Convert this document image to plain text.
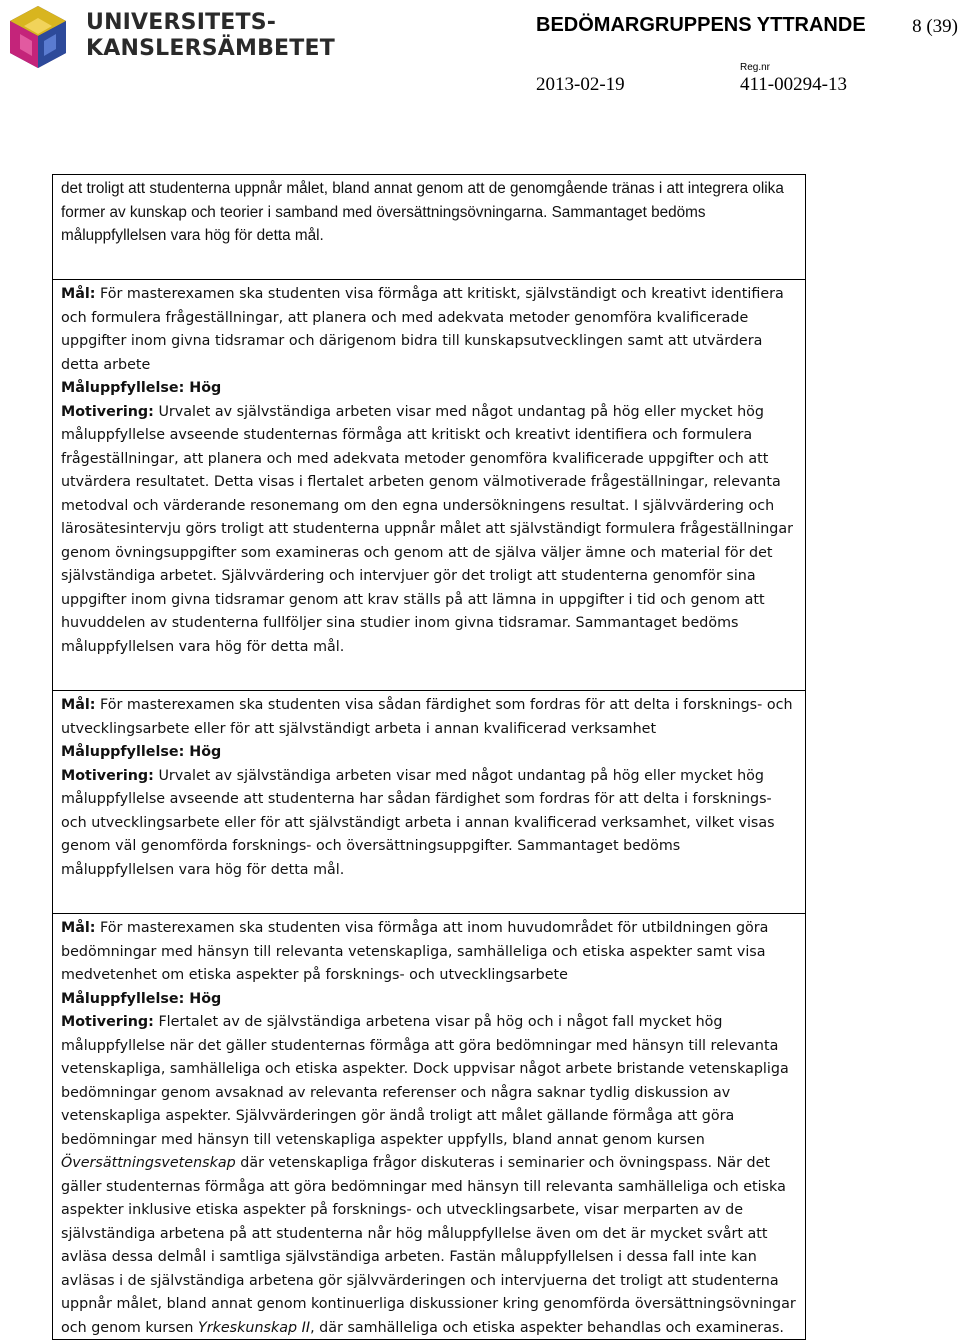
UNIVERSITETS-
KANSLERSÄMBETET
BEDÖMARGRUPPENS YTTRANDE 8 (39)
Reg.nr
2013-02-19	411-00294-13

det troligt att studenterna uppnår målet, bland annat genom att de genomgående tränas i att integrera olika former av kunskap och teorier i samband med översättningsövningarna. Sammantaget bedöms måluppfyllelsen vara hög för detta mål.

Mål: För masterexamen ska studenten visa förmåga att kritiskt, självständigt och kreativt identifiera och formulera frågeställningar, att planera och med adekvata metoder genomföra kvalificerade uppgifter inom givna tidsramar och därigenom bidra till kunskapsutvecklingen samt att utvärdera detta arbete

Måluppfyllelse: Hög

Motivering: Urvalet av självständiga arbeten visar med något undantag på hög eller mycket hög måluppfyllelse avseende studenternas förmåga att kritiskt och kreativt identifiera och formulera frågeställningar, att planera och med adekvata metoder genomföra kvalificerade uppgifter och att utvärdera resultatet. Detta visas i flertalet arbeten genom välmotiverade frågeställningar, relevanta metodval och värderande resonemang om den egna undersökningens resultat. I självvärdering och lärosätesintervju görs troligt att studenterna uppnår målet att självständigt formulera frågeställningar genom övningsuppgifter som examineras och genom att de själva väljer ämne och material för det självständiga arbetet. Självvärdering och intervjuer gör det troligt att studenterna genomför sina uppgifter inom givna tidsramar genom att krav ställs på att lämna in uppgifter i tid och genom att huvuddelen av studenterna fullföljer sina studier inom givna tidsramar. Sammantaget bedöms måluppfyllelsen vara hög för detta mål.

Mål: För masterexamen ska studenten visa sådan färdighet som fordras för att delta i forsknings- och utvecklingsarbete eller för att självständigt arbeta i annan kvalificerad verksamhet

Måluppfyllelse: Hög

Motivering: Urvalet av självständiga arbeten visar med något undantag på hög eller mycket hög måluppfyllelse avseende att studenterna har sådan färdighet som fordras för att delta i forsknings- och utvecklingsarbete eller för att självständigt arbeta i annan kvalificerad verksamhet, vilket visas genom väl genomförda forsknings- och översättningsuppgifter. Sammantaget bedöms måluppfyllelsen vara hög för detta mål.

Mål: För masterexamen ska studenten visa förmåga att inom huvudområdet för utbildningen göra bedömningar med hänsyn till relevanta vetenskapliga, samhälleliga och etiska aspekter samt visa medvetenhet om etiska aspekter på forsknings- och utvecklingsarbete

Måluppfyllelse: Hög

Motivering: Flertalet av de självständiga arbetena visar på hög och i något fall mycket hög måluppfyllelse när det gäller studenternas förmåga att göra bedömningar med hänsyn till relevanta vetenskapliga, samhälleliga och etiska aspekter. Dock uppvisar något arbete bristande vetenskapliga bedömningar genom avsaknad av relevanta referenser och några saknar tydlig diskussion av vetenskapliga aspekter. Självvärderingen gör ändå troligt att målet gällande förmåga att göra bedömningar med hänsyn till vetenskapliga aspekter uppfylls, bland annat genom kursen Översättningsvetenskap där vetenskapliga frågor diskuteras i seminarier och övningspass. När det gäller studenternas förmåga att göra bedömningar med hänsyn till relevanta samhälleliga och etiska aspekter inklusive etiska aspekter på forsknings- och utvecklingsarbete, visar merparten av de självständiga arbetena på att studenterna når hög måluppfyllelse även om det är mycket svårt att avläsa dessa delmål i samtliga självständiga arbeten. Fastän måluppfyllelsen i dessa fall inte kan avläsas i de självständiga arbetena gör självvärderingen och intervjuerna det troligt att studenterna uppnår målet, bland annat genom kontinuerliga diskussioner kring genomförda översättningsövningar och genom kursen Yrkeskunskap II, där samhälleliga och etiska aspekter behandlas och examineras.
